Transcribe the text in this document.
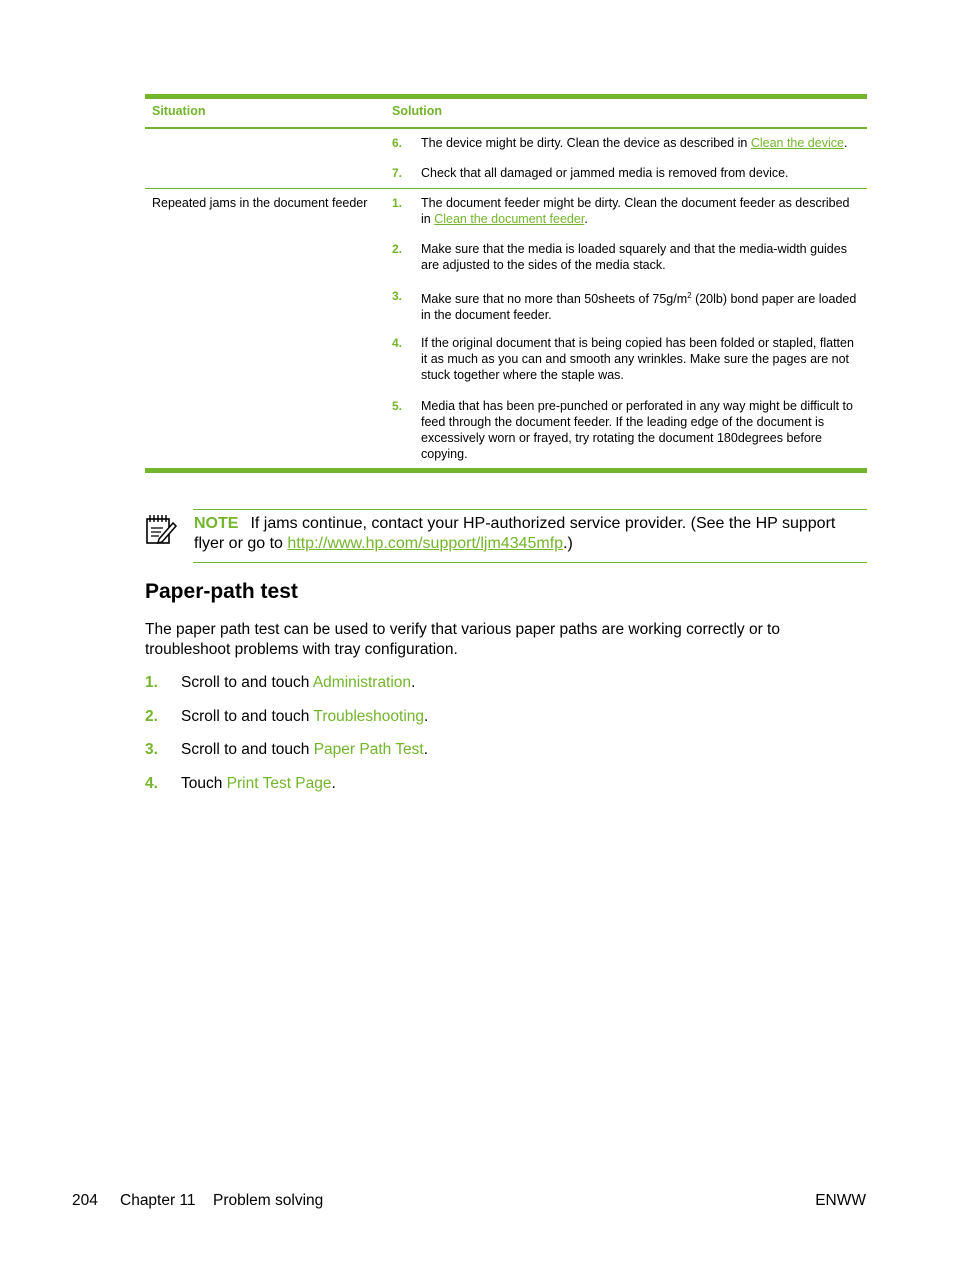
Situation	Solution
6. The device might be dirty. Clean the device as described in Clean the device.
7. Check that all damaged or jammed media is removed from device.
Repeated jams in the document feeder 1. The document feeder might be dirty. Clean the document feeder as described in Clean the document feeder.
2. Make sure that the media is loaded squarely and that the media-width guides are adjusted to the sides of the media stack.
3. Make sure that no more than 50sheets of $75g/m^2$ (20lb) bond paper are loaded in the document feeder.
4. If the original document that is being copied has been folded or stapled, flatten it as much as you can and smooth any wrinkles. Make sure the pages are not stuck together where the staple was.
5. Media that has been pre-punched or perforated in any way might be difficult to feed through the document feeder. If the leading edge of the document is excessively worn or frayed, try rotating the document 180degrees before copying.
NOTE If jams continue, contact your HP-authorized service provider. (See the HP support flyer or go to http://www.hp.com/support/ljm4345mfp.)
Paper-path test

The paper path test can be used to verify that various paper paths are working correctly or to troubleshoot problems with tray configuration.

1. Scroll to and touch Administration.
2. Scroll to and touch Troubleshooting.
3. Scroll to and touch Paper Path Test.
4. Touch Print Test Page.
204 Chapter 11 Problem solving	ENWW
